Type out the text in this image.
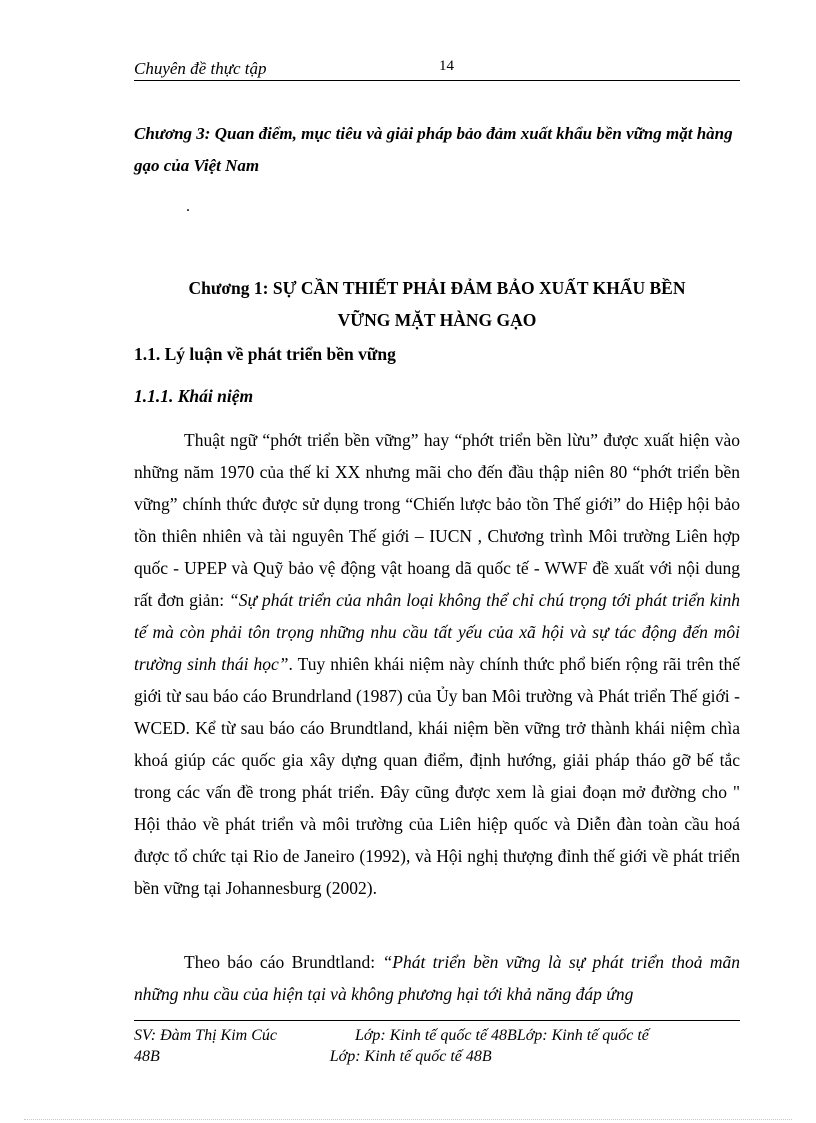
Chuyên đề thực tập	14
Chương 3: Quan điểm, mục tiêu và giải pháp bảo đảm xuất khẩu bền vững mặt hàng gạo của Việt Nam
.
Chương 1: SỰ CẦN THIẾT PHẢI ĐẢM BẢO XUẤT KHẨU BỀN
VỮNG MẶT HÀNG GẠO
1.1. Lý luận về phát triển bền vững
1.1.1. Khái niệm
Thuật ngữ “phớt triển bền vững” hay “phớt triển bền lừu” được xuất hiện vào những năm 1970 của thế kỉ XX nhưng mãi cho đến đầu thập niên 80 “phớt triển bền vững” chính thức được sử dụng trong “Chiến lược bảo tồn Thế giới” do Hiệp hội bảo tồn thiên nhiên và tài nguyên Thế giới – IUCN , Chương trình Môi trường Liên hợp quốc - UPEP và Quỹ bảo vệ động vật hoang dã quốc tế - WWF đề xuất với nội dung rất đơn giản: “Sự phát triển của nhân loại không thể chỉ chú trọng tới phát triển kinh tế mà còn phải tôn trọng những nhu cầu tất yếu của xã hội và sự tác động đến môi trường sinh thái học”. Tuy nhiên khái niệm này chính thức phổ biến rộng rãi trên thế giới từ sau báo cáo Brundrland (1987) của Ủy ban Môi trường và Phát triển Thế giới - WCED. Kể từ sau báo cáo Brundtland, khái niệm bền vững trở thành khái niệm chìa khoá giúp các quốc gia xây dựng quan điểm, định hướng, giải pháp tháo gỡ bế tắc trong các vấn đề trong phát triển. Đây cũng được xem là giai đoạn mở đường cho " Hội thảo về phát triển và môi trường của Liên hiệp quốc và Diễn đàn toàn cầu hoá được tổ chức tại Rio de Janeiro (1992), và Hội nghị thượng đỉnh thế giới về phát triển bền vững tại Johannesburg (2002).
Theo báo cáo Brundtland: “Phát triển bền vững là sự phát triển thoả mãn những nhu cầu của hiện tại và không phương hại tới khả năng đáp ứng
SV: Đàm Thị Kim Cúc	Lớp: Kinh tế quốc tế 48BLớp: Kinh tế quốc tế
48B	Lớp: Kinh tế quốc tế 48B
